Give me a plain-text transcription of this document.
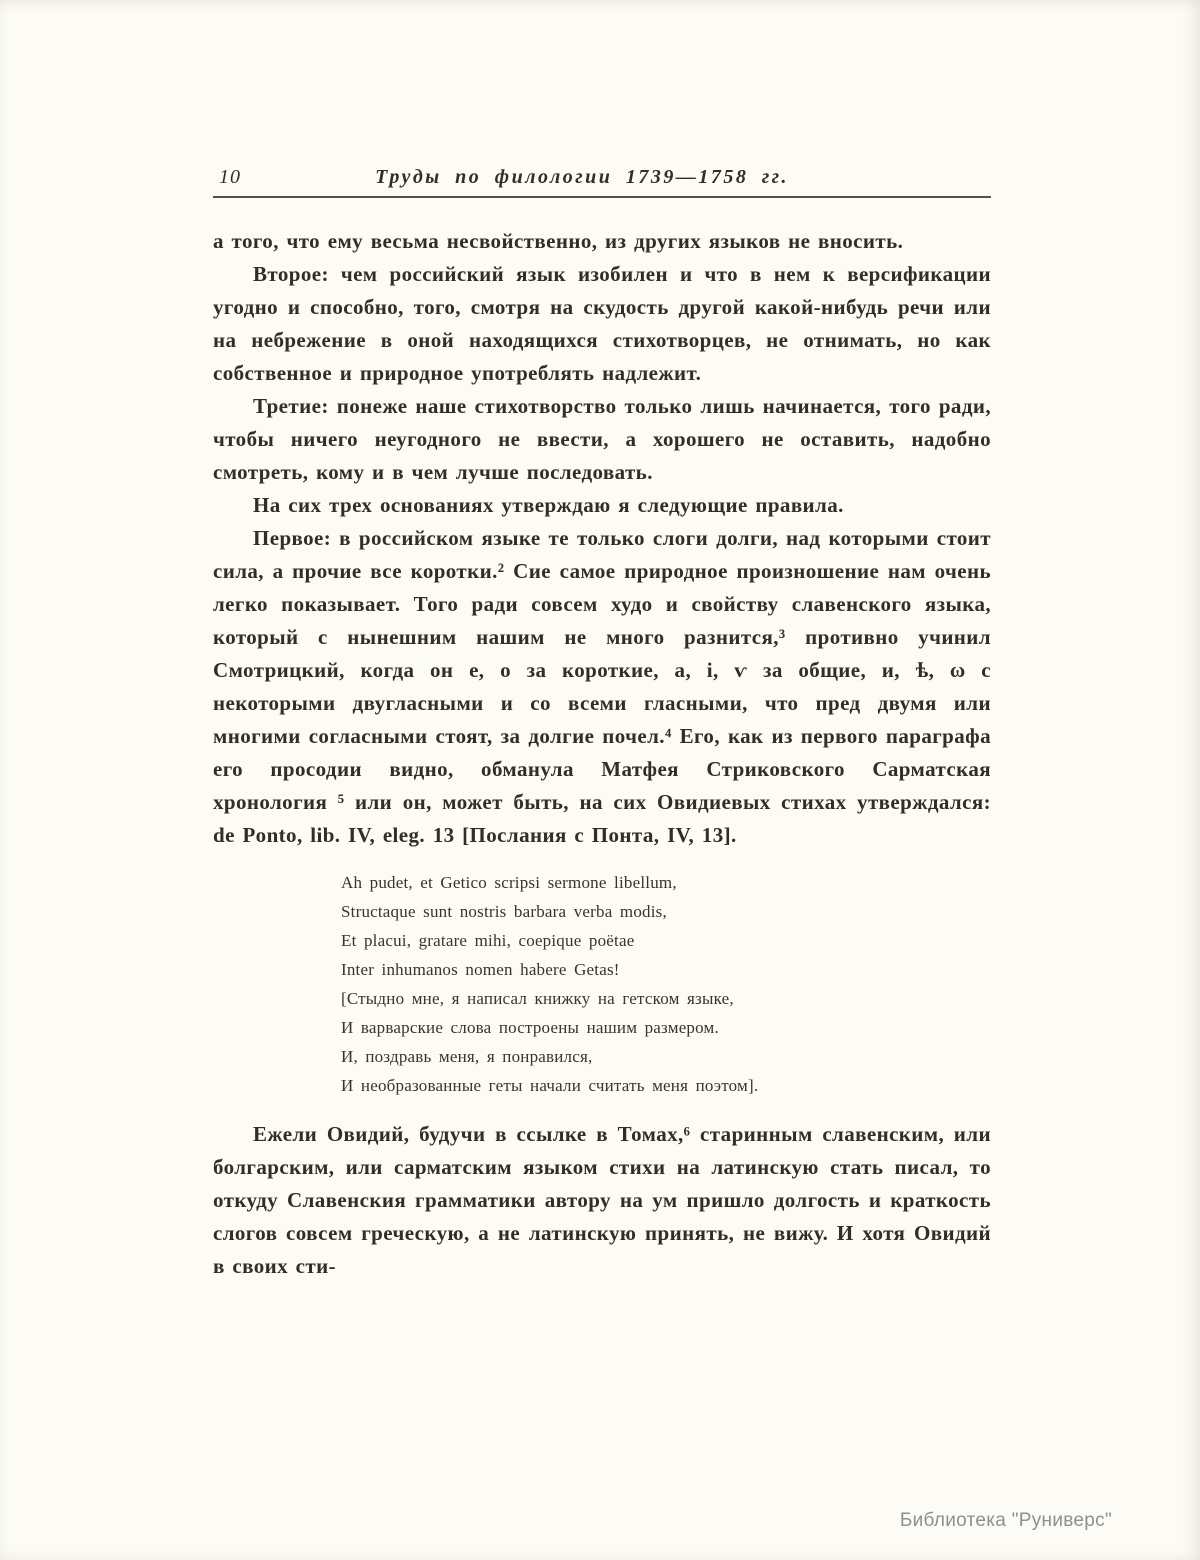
10	Труды по филологии 1739—1758 гг.

а того, что ему весьма несвойственно, из других языков не вносить.

Второе: чем российский язык изобилен и что в нем к версификации угодно и способно, того, смотря на скудость другой какой-нибудь речи или на небрежение в оной находящихся стихотворцев, не отнимать, но как собственное и природное употреблять надлежит.

Третие: понеже наше стихотворство только лишь начинается, того ради, чтобы ничего неугодного не ввести, а хорошего не оставить, надобно смотреть, кому и в чем лучше последовать.

На сих трех основаниях утверждаю я следующие правила.

Первое: в российском языке те только слоги долги, над которыми стоит сила, а прочие все коротки.² Сие самое природное произношение нам очень легко показывает. Того ради совсем худо и свойству славенского языка, который с нынешним нашим не много разнится,³ противно учинил Смотрицкий, когда он е, о за короткие, а, i, ѵ за общие, и, ѣ, ω с некоторыми двугласными и со всеми гласными, что пред двумя или многими согласными стоят, за долгие почел.⁴ Его, как из первого параграфа его просодии видно, обманула Матфея Стриковского Сарматская хронология ⁵ или он, может быть, на сих Овидиевых стихах утверждался: de Ponto, lib. IV, eleg. 13 [Послания с Понта, IV, 13].

Ah pudet, et Getico scripsi sermone libellum,
Structaque sunt nostris barbara verba modis,
Et placui, gratare mihi, coepique poëtae
Inter inhumanos nomen habere Getas!
[Стыдно мне, я написал книжку на гетском языке,
И варварские слова построены нашим размером.
И, поздравь меня, я понравился,
И необразованные геты начали считать меня поэтом].

Ежели Овидий, будучи в ссылке в Томах,⁶ старинным славенским, или болгарским, или сарматским языком стихи на латинскую стать писал, то откуду Славенския грамматики автору на ум пришло долгость и краткость слогов совсем греческую, а не латинскую принять, не вижу. И хотя Овидий в своих сти-

Библиотека "Руниверс"
